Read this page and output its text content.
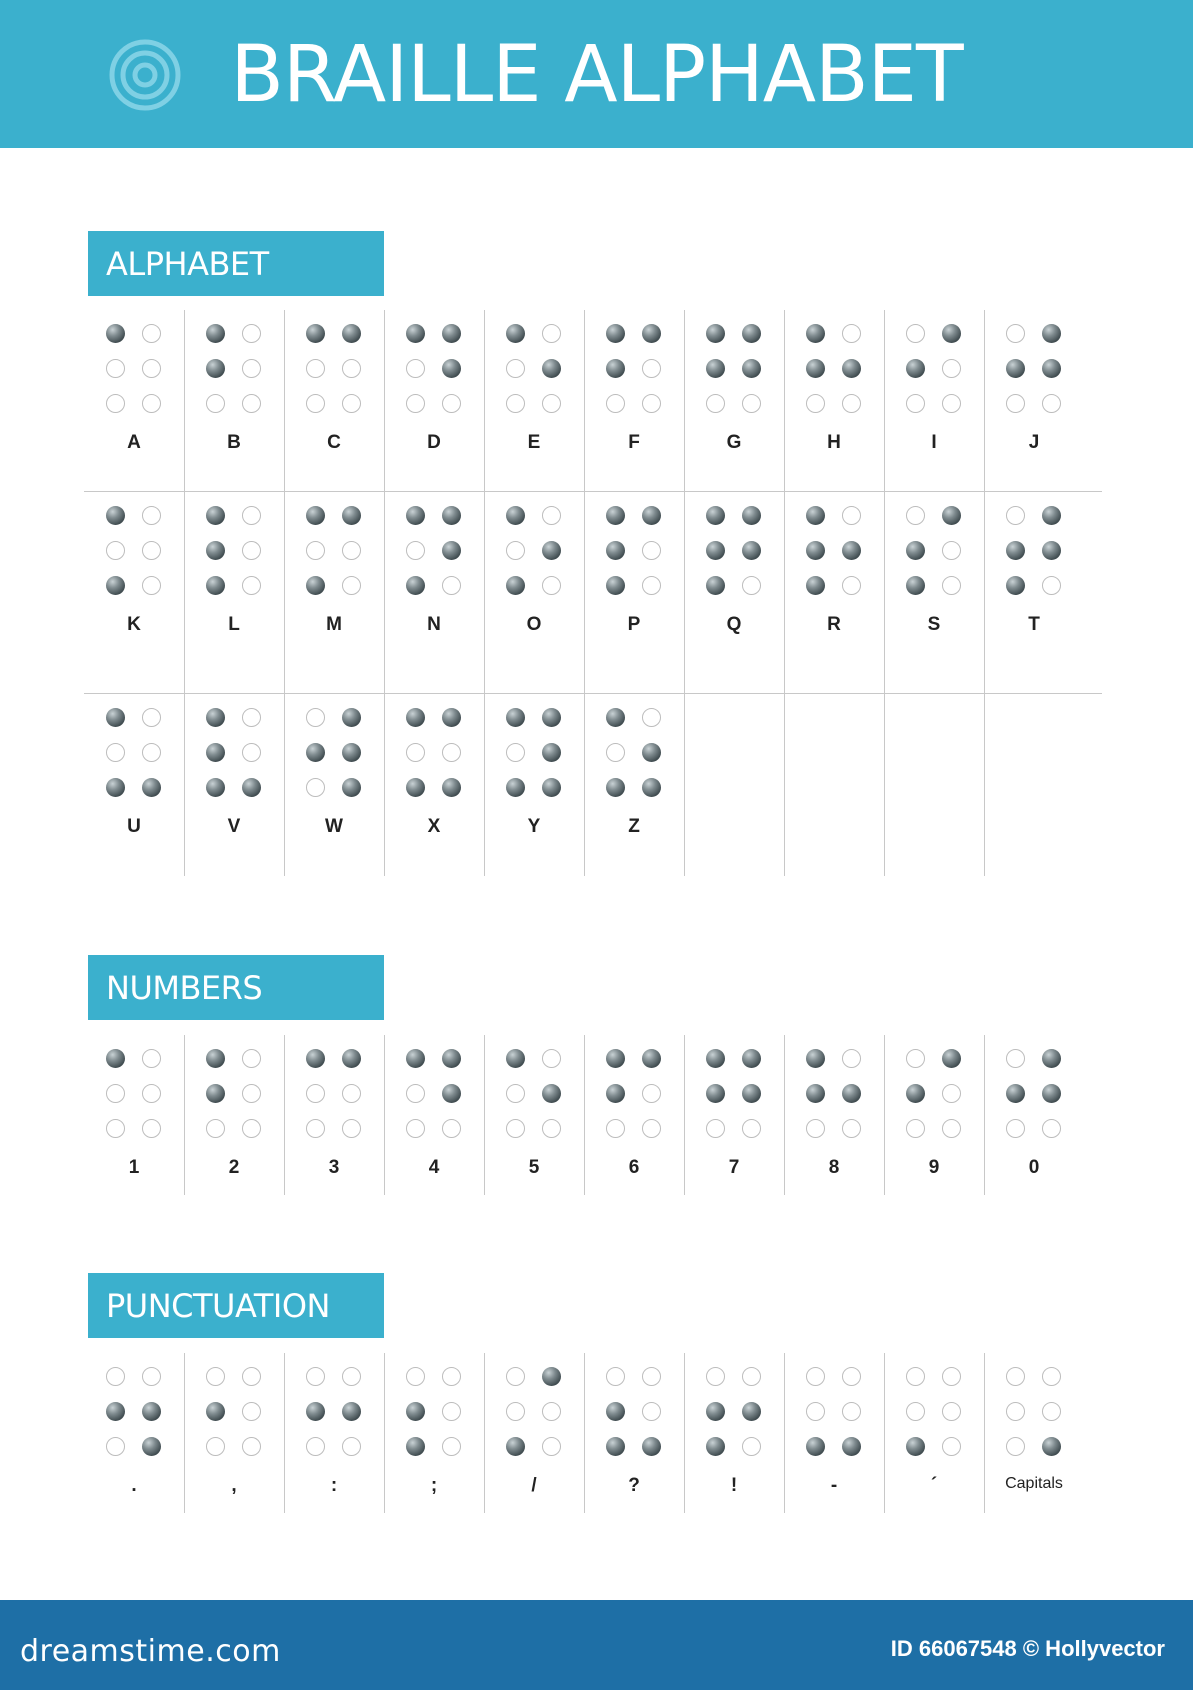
BRAILLE ALPHABET
ALPHABET
A	B	C	D	E	F	G	H	I	J
K	L	M	N	O	P	Q	R	S	T
U	V	W	X	Y	Z
NUMBERS
1	2	3	4	5	6	7	8	9	0
PUNCTUATION
.	,	:	;	/	?	!	-	´	Capitals
dreamstime.com	ID 66067548 © Hollyvector
